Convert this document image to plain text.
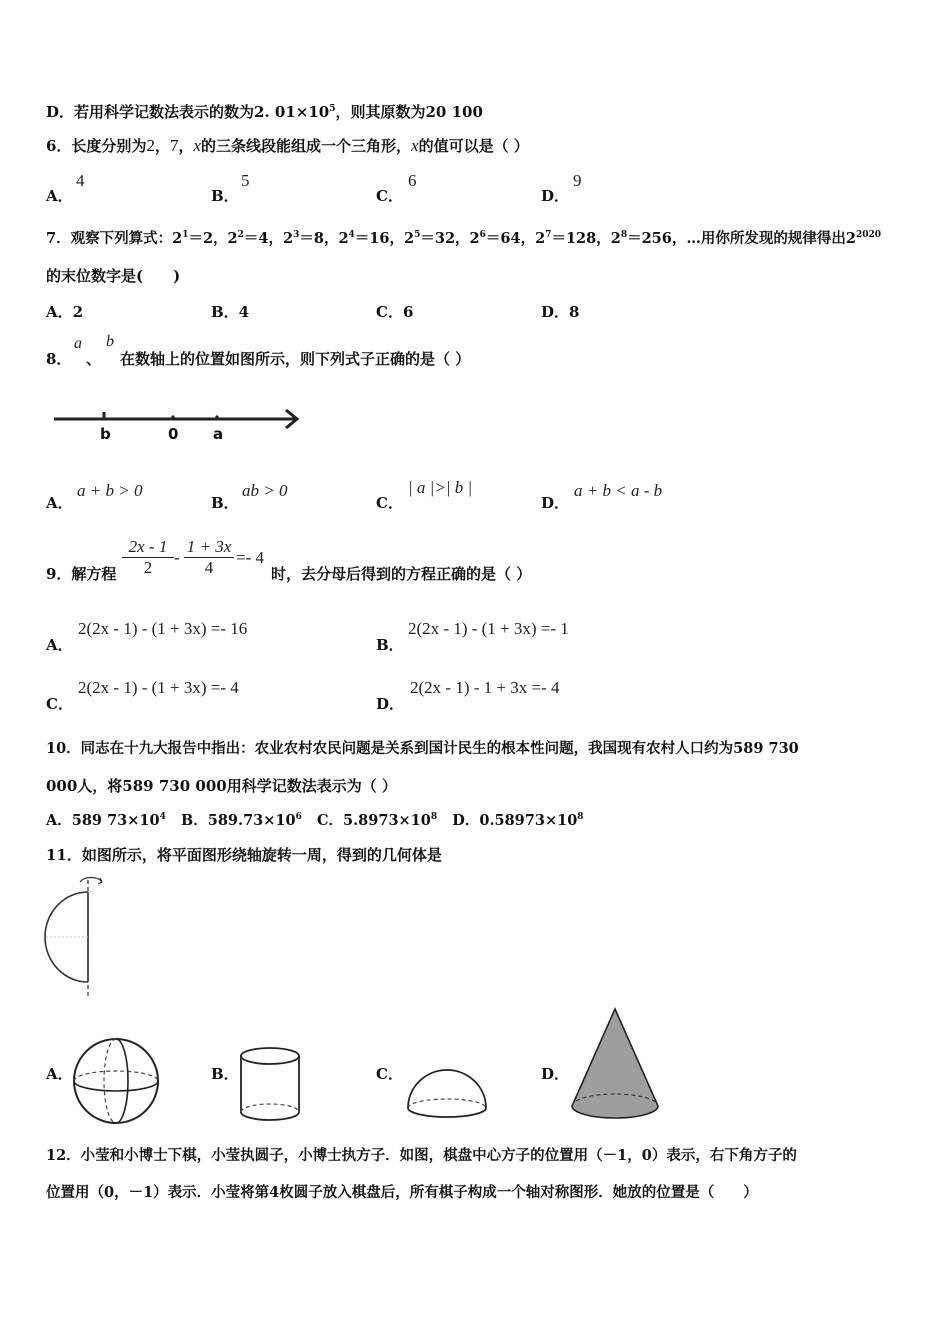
D．若用科学记数法表示的数为2. $01\times 10^5$，则其原数为20 100
6．长度分别为2，7，x的三条线段能组成一个三角形，x的值可以是（ ）
A．
4
B．
5
C．
6
D．
9
7．观察下列算式：$2^1=2$，$2^2=4$，$2^3=8$，$2^4=16$，$2^5=32$，$2^6=64$，$2^7=128$，$2^8=256$，…用你所发现的规律得出$2^{2020}$
的末位数字是(　　)
A．2	B．4	C．6	D．8
8．
a
、
b
在数轴上的位置如图所示，则下列式子正确的是（ ）
b	0 a
A．
a + b > 0
B．
ab > 0
C．
| a |>| b |
D．
a + b < a - b
9．解方程 $\frac{2x - 1}{2} - \frac{1 + 3x}{4} =- 4$
时，去分母后得到的方程正确的是（ ）
A．
2(2x - 1) - (1 + 3x) =- 16
B．
2(2x - 1) - (1 + 3x) =- 1
C．
2(2x - 1) - (1 + 3x) =- 4
D．
2(2x - 1) - 1 + 3x =- 4
10．同志在十九大报告中指出：农业农村农民问题是关系到国计民生的根本性问题，我国现有农村人口约为589 730
000人，将589 730 000用科学记数法表示为（ ）
A．589 $73\times 10^4$ B．$589.73\times 10^6$ C．$5.8973\times 10^8$ D．$0.58973\times 10^8$
11．如图所示，将平面图形绕轴旋转一周，得到的几何体是
A．	B．	C．	D．
12．小莹和小博士下棋，小莹执圆子，小博士执方子．如图，棋盘中心方子的位置用（－1，0）表示，右下角方子的
位置用（0，－1）表示．小莹将第4枚圆子放入棋盘后，所有棋子构成一个轴对称图形．她放的位置是（　　）
